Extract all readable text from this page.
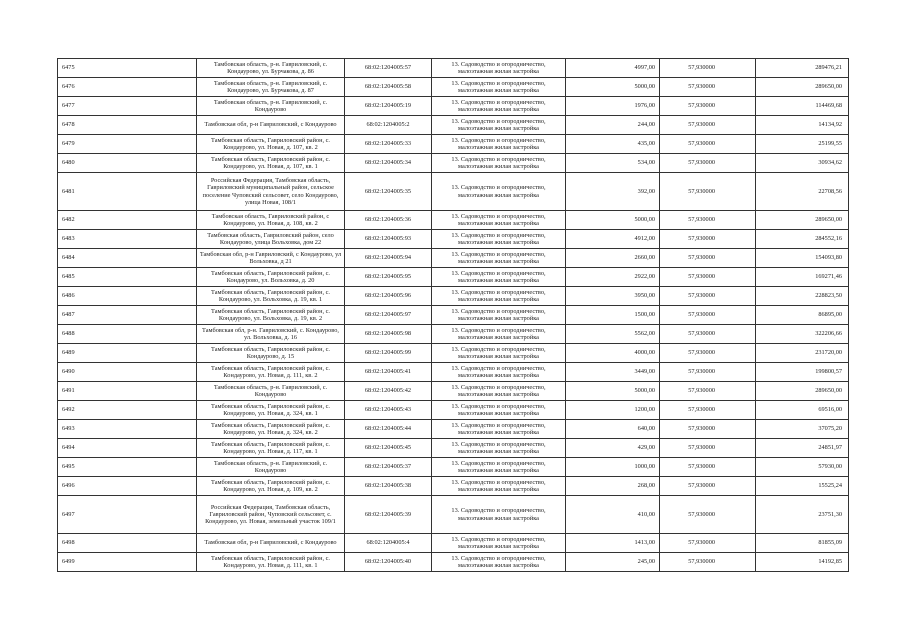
6475	Тамбовская область, р-н. Гавриловский, с. Кондаурово, ул. Бурчакова, д. 86	68:02:1204005:57	13. Садоводство и огородничество, малоэтажная жилая застройка	4997,00	57,930000	289476,21
6476	Тамбовская область, р-н. Гавриловский, с. Кондаурово, ул. Бурчакова, д. 87	68:02:1204005:58	13. Садоводство и огородничество, малоэтажная жилая застройка	5000,00	57,930000	289650,00
6477	Тамбовская область, р-н. Гавриловский, с. Кондаурово	68:02:1204005:19	13. Садоводство и огородничество, малоэтажная жилая застройка	1976,00	57,930000	114469,68
6478	Тамбовская обл, р-н Гавриловский, с Кондаурово	68:02:1204005:2	13. Садоводство и огородничество, малоэтажная жилая застройка	244,00	57,930000	14134,92
6479	Тамбовская область, Гавриловский район, с. Кондаурово, ул. Новая, д. 107, кв. 2	68:02:1204005:33	13. Садоводство и огородничество, малоэтажная жилая застройка	435,00	57,930000	25199,55
6480	Тамбовская область, Гавриловский район, с. Кондаурово, ул. Новая, д. 107, кв. 1	68:02:1204005:34	13. Садоводство и огородничество, малоэтажная жилая застройка	534,00	57,930000	30934,62
6481	Российская Федерация, Тамбовская область, Гавриловский муниципальный район, сельское поселение Чуповский сельсовет, село Кондаурово, улица Новая, 108/1	68:02:1204005:35	13. Садоводство и огородничество, малоэтажная жилая застройка	392,00	57,930000	22708,56
6482	Тамбовская область, Гавриловский район, с Кондаурово, ул. Новая, д. 108, кв. 2	68:02:1204005:36	13. Садоводство и огородничество, малоэтажная жилая застройка	5000,00	57,930000	289650,00
6483	Тамбовская область, Гавриловский район, село Кондаурово, улица Вольховка, дом 22	68:02:1204005:93	13. Садоводство и огородничество, малоэтажная жилая застройка	4912,00	57,930000	284552,16
6484	Тамбовская обл, р-н Гавриловский, с Кондаурово, ул Вольховка, д 21	68:02:1204005:94	13. Садоводство и огородничество, малоэтажная жилая застройка	2660,00	57,930000	154093,80
6485	Тамбовская область, Гавриловский район, с. Кондаурово, ул. Вольховка, д. 20	68:02:1204005:95	13. Садоводство и огородничество, малоэтажная жилая застройка	2922,00	57,930000	169271,46
6486	Тамбовская область, Гавриловский район, с. Кондаурово, ул. Вольховка, д. 19, кв. 1	68:02:1204005:96	13. Садоводство и огородничество, малоэтажная жилая застройка	3950,00	57,930000	228823,50
6487	Тамбовская область, Гавриловский район, с. Кондаурово, ул. Вольховка, д. 19, кв. 2	68:02:1204005:97	13. Садоводство и огородничество, малоэтажная жилая застройка	1500,00	57,930000	86895,00
6488	Тамбовская обл, р-н. Гавриловский, с. Кондаурово, ул. Вольховка, д. 16	68:02:1204005:98	13. Садоводство и огородничество, малоэтажная жилая застройка	5562,00	57,930000	322206,66
6489	Тамбовская область, Гавриловский район, с. Кондаурово, д. 15	68:02:1204005:99	13. Садоводство и огородничество, малоэтажная жилая застройка	4000,00	57,930000	231720,00
6490	Тамбовская область, Гавриловский район, с. Кондаурово, ул. Новая, д. 111, кв. 2	68:02:1204005:41	13. Садоводство и огородничество, малоэтажная жилая застройка	3449,00	57,930000	199800,57
6491	Тамбовская область, р-н. Гавриловский, с. Кондаурово	68:02:1204005:42	13. Садоводство и огородничество, малоэтажная жилая застройка	5000,00	57,930000	289650,00
6492	Тамбовская область, Гавриловский район, с. Кондаурово, ул. Новая, д. 324, кв. 1	68:02:1204005:43	13. Садоводство и огородничество, малоэтажная жилая застройка	1200,00	57,930000	69516,00
6493	Тамбовская область, Гавриловский район, с. Кондаурово, ул. Новая, д. 324, кв. 2	68:02:1204005:44	13. Садоводство и огородничество, малоэтажная жилая застройка	640,00	57,930000	37075,20
6494	Тамбовская область, Гавриловский район, с. Кондаурово, ул. Новая, д. 117, кв. 1	68:02:1204005:45	13. Садоводство и огородничество, малоэтажная жилая застройка	429,00	57,930000	24851,97
6495	Тамбовская область, р-н. Гавриловский, с. Кондаурово	68:02:1204005:37	13. Садоводство и огородничество, малоэтажная жилая застройка	1000,00	57,930000	57930,00
6496	Тамбовская область, Гавриловский район, с. Кондаурово, ул. Новая, д. 109, кв. 2	68:02:1204005:38	13. Садоводство и огородничество, малоэтажная жилая застройка	268,00	57,930000	15525,24
6497	Российская Федерация, Тамбовская область, Гавриловский район, Чуповский сельсовет, с. Кондаурово, ул. Новая, земельный участок 109/1	68:02:1204005:39	13. Садоводство и огородничество, малоэтажная жилая застройка	410,00	57,930000	23751,30
6498	Тамбовская обл, р-н Гавриловский, с Кондаурово	68:02:1204005:4	13. Садоводство и огородничество, малоэтажная жилая застройка	1413,00	57,930000	81855,09
6499	Тамбовская область, Гавриловский район, с. Кондаурово, ул. Новая, д. 111, кв. 1	68:02:1204005:40	13. Садоводство и огородничество, малоэтажная жилая застройка	245,00	57,930000	14192,85
